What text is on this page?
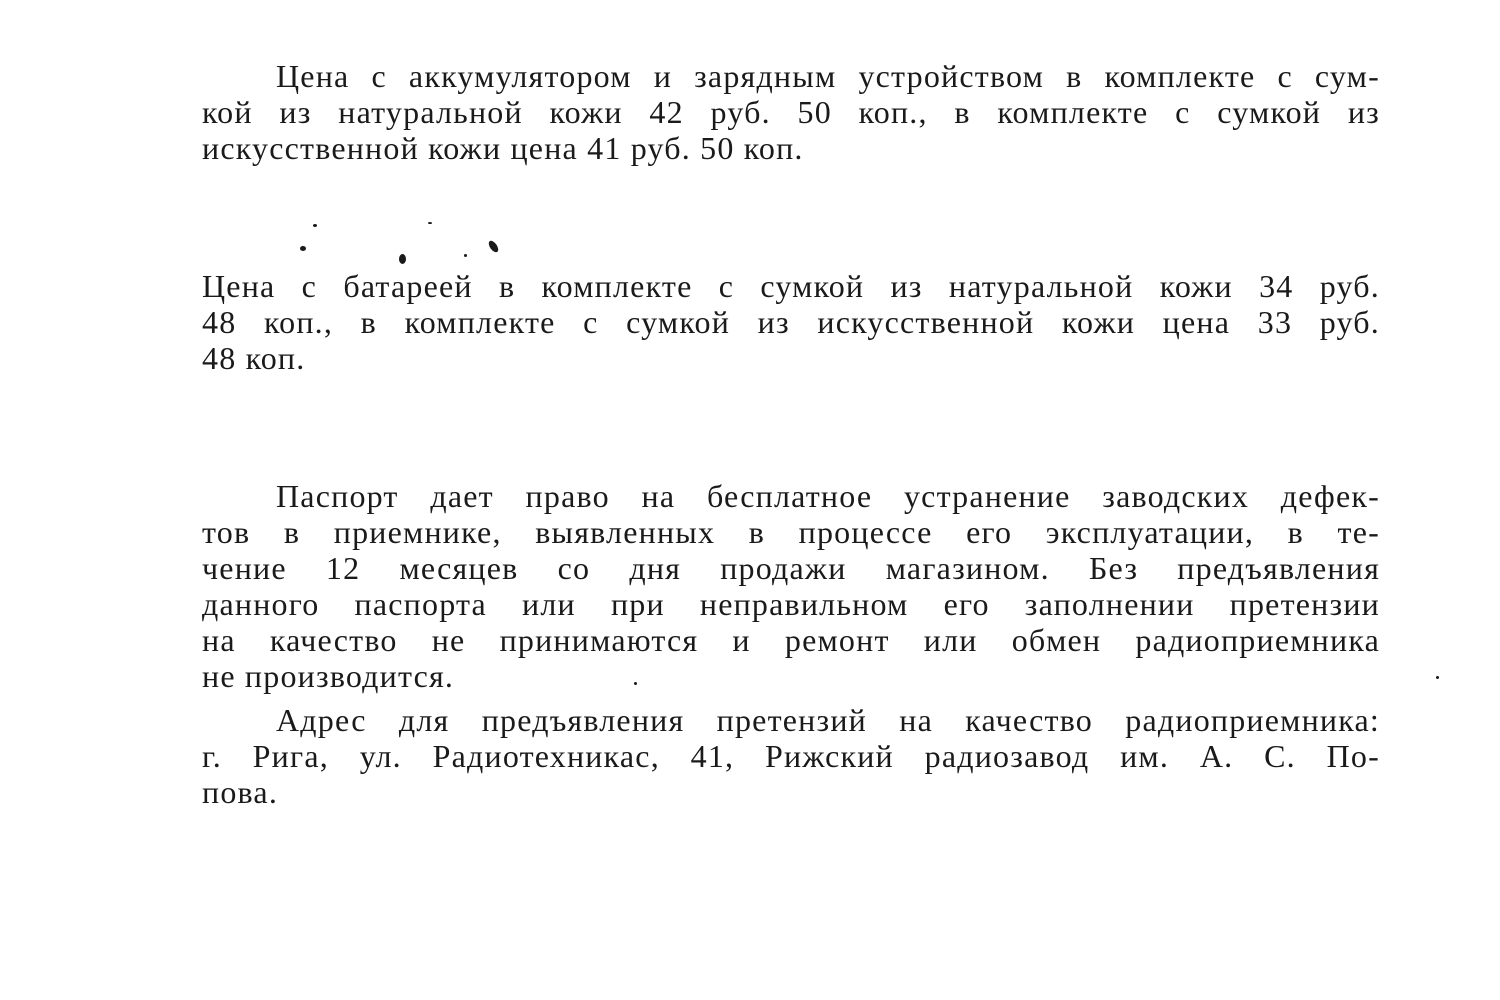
Цена с аккумулятором и зарядным устройством в комплекте с сум-
кой из натуральной кожи 42 руб. 50 коп., в комплекте с сумкой из
искусственной кожи цена 41 руб. 50 коп.
Цена с батареей в комплекте с сумкой из натуральной кожи 34 руб.
48 коп., в комплекте с сумкой из искусственной кожи цена 33 руб.
48 коп.
Паспорт дает право на бесплатное устранение заводских дефек-
тов в приемнике, выявленных в процессе его эксплуатации, в те-
чение 12 месяцев со дня продажи магазином. Без предъявления
данного паспорта или при неправильном его заполнении претензии
на качество не принимаются и ремонт или обмен радиоприемника
не производится.
Адрес для предъявления претензий на качество радиоприемника:
г. Рига, ул. Радиотехникас, 41, Рижский радиозавод им. А. С. По-
пова.
